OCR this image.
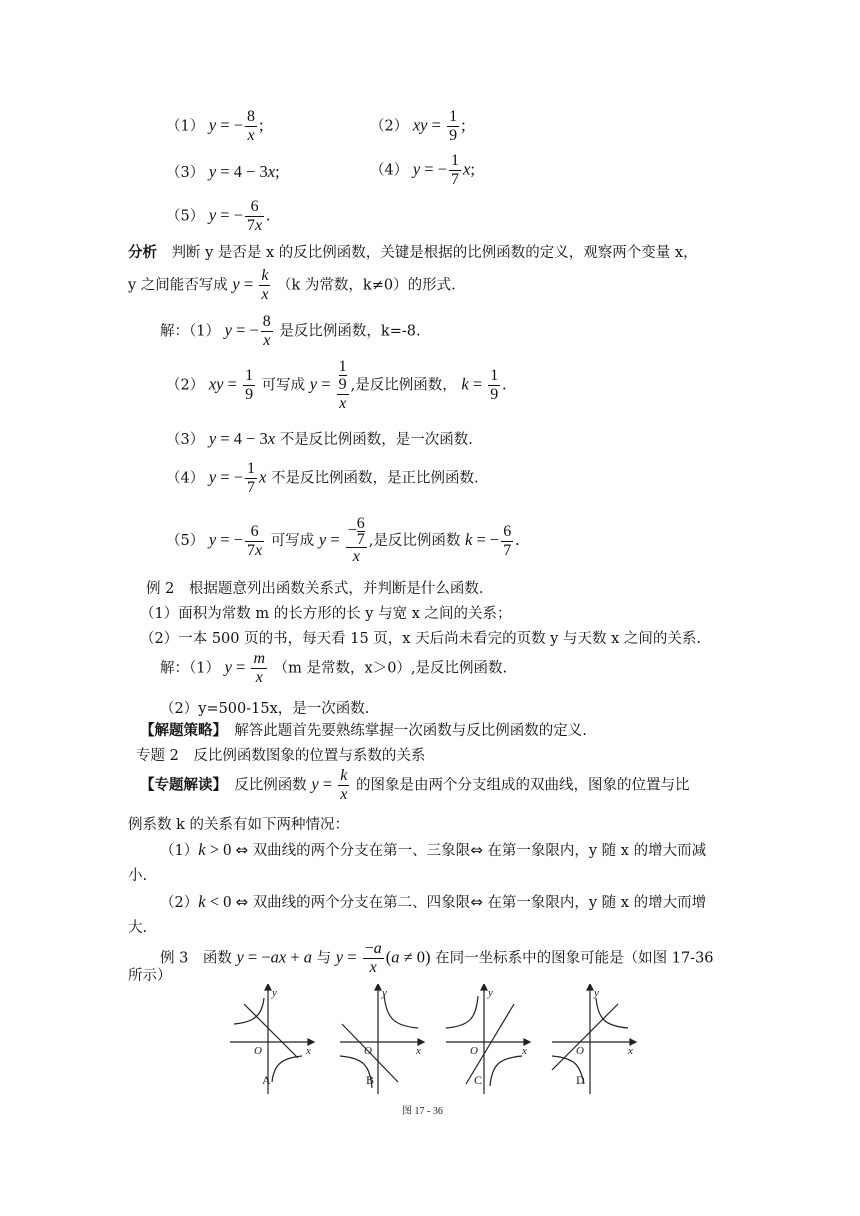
（1） y = − $\frac{8}{x}$ ;	（2） xy = $\frac{1}{9}$ ;
（3） y = 4 − 3x;	（4） y = − $\frac{1}{7} x$;
（5） y = − $\frac{6}{7x}$ .
分析　判断 y 是否是 x 的反比例函数，关键是根据的比例函数的定义，观察两个变量 x，
y 之间能否写成 $y = \frac{k}{x} (k$ 为常数，k≠0）的形式.
解：（1） y = − $\frac{8}{x}$ 是反比例函数，k=-8.
（2） xy = $\frac{1}{9}$ 可写成 y =
1
9
x
,是反比例函数， $k = \frac{1}{9}$ .
（3） y = 4 − 3x 不是反比例函数，是一次函数.
（4） y = − $\frac{1}{7}$ x 不是反比例函数，是正比例函数.
（5） y = − $\frac{6}{7x}$ 可写成 $y = \frac{- \frac{6}{7}}{x}$ ,是反比例函数 k = − $\frac{6}{7}$ .
例 2　根据题意列出函数关系式，并判断是什么函数.
（1）面积为常数 m 的长方形的长 y 与宽 x 之间的关系；
（2）一本 500 页的书，每天看 15 页，x 天后尚未看完的页数 y 与天数 x 之间的关系.
解：（1） $y = \frac{m}{x} (m$ 是常数，x＞0）,是反比例函数.
（2）y=500-15x，是一次函数.
【解题策略】　解答此题首先要熟练掌握一次函数与反比例函数的定义.
专题 2　反比例函数图象的位置与系数的关系
【专题解读】　反比例函数 $y = \frac{k}{x}$ 的图象是由两个分支组成的双曲线，图象的位置与比
例系数 k 的关系有如下两种情况：
（1）k > 0 ⇔ 双曲线的两个分支在第一、三象限⇔ 在第一象限内，y 随 x 的增大而减
小.
（2）k < 0 ⇔ 双曲线的两个分支在第二、四象限⇔ 在第一象限内，y 随 x 的增大而增
大.
例 3　函数 y = −ax + a 与 $y = \frac{-a}{x} (a \ne 0)$ 在同一坐标系中的图象可能是（如图 17-36
所示）
y
x
O
y
x
O
y
x
O
y
x
O
A	B	C	D
图 17 - 36
